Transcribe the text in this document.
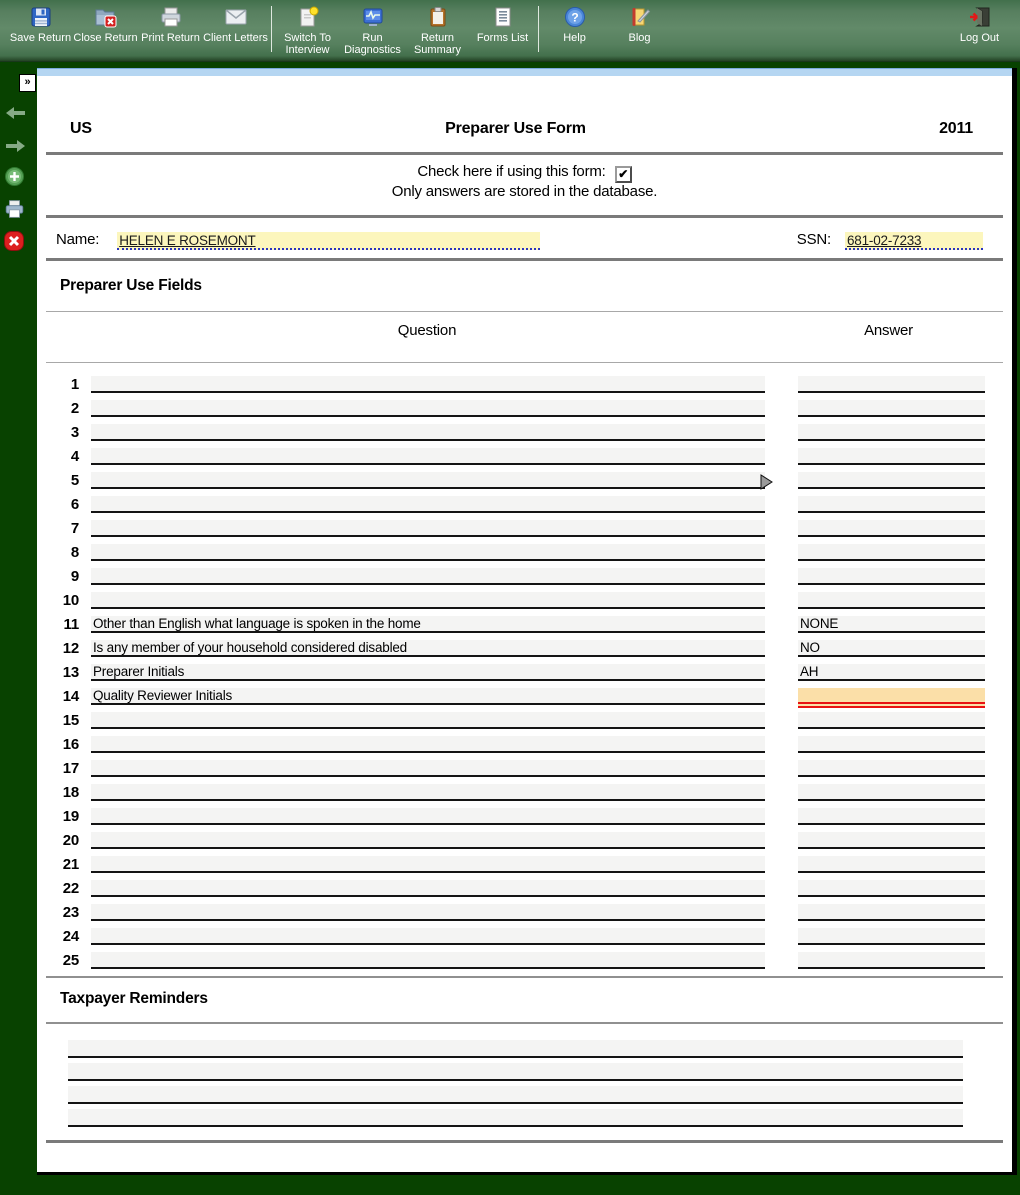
Save Return Close Return Print Return Client Letters	Switch To Interview
Run Diagnostics
Return Summary
Forms List
?
Help	Blog	Log Out
»
US	Preparer Use Form	2011
Check here if using this form: ✔
Only answers are stored in the database.
Name: HELEN E ROSEMONT	SSN: 681-02-7233
Preparer Use Fields
Question	Answer
1
2
3
4
5
6
7
8
9
10
11 Other than English what language is spoken in the home	NONE
12 Is any member of your household considered disabled	NO
13 Preparer Initials	AH
14 Quality Reviewer Initials
15
16
17
18
19
20
21
22
23
24
25
Taxpayer Reminders
